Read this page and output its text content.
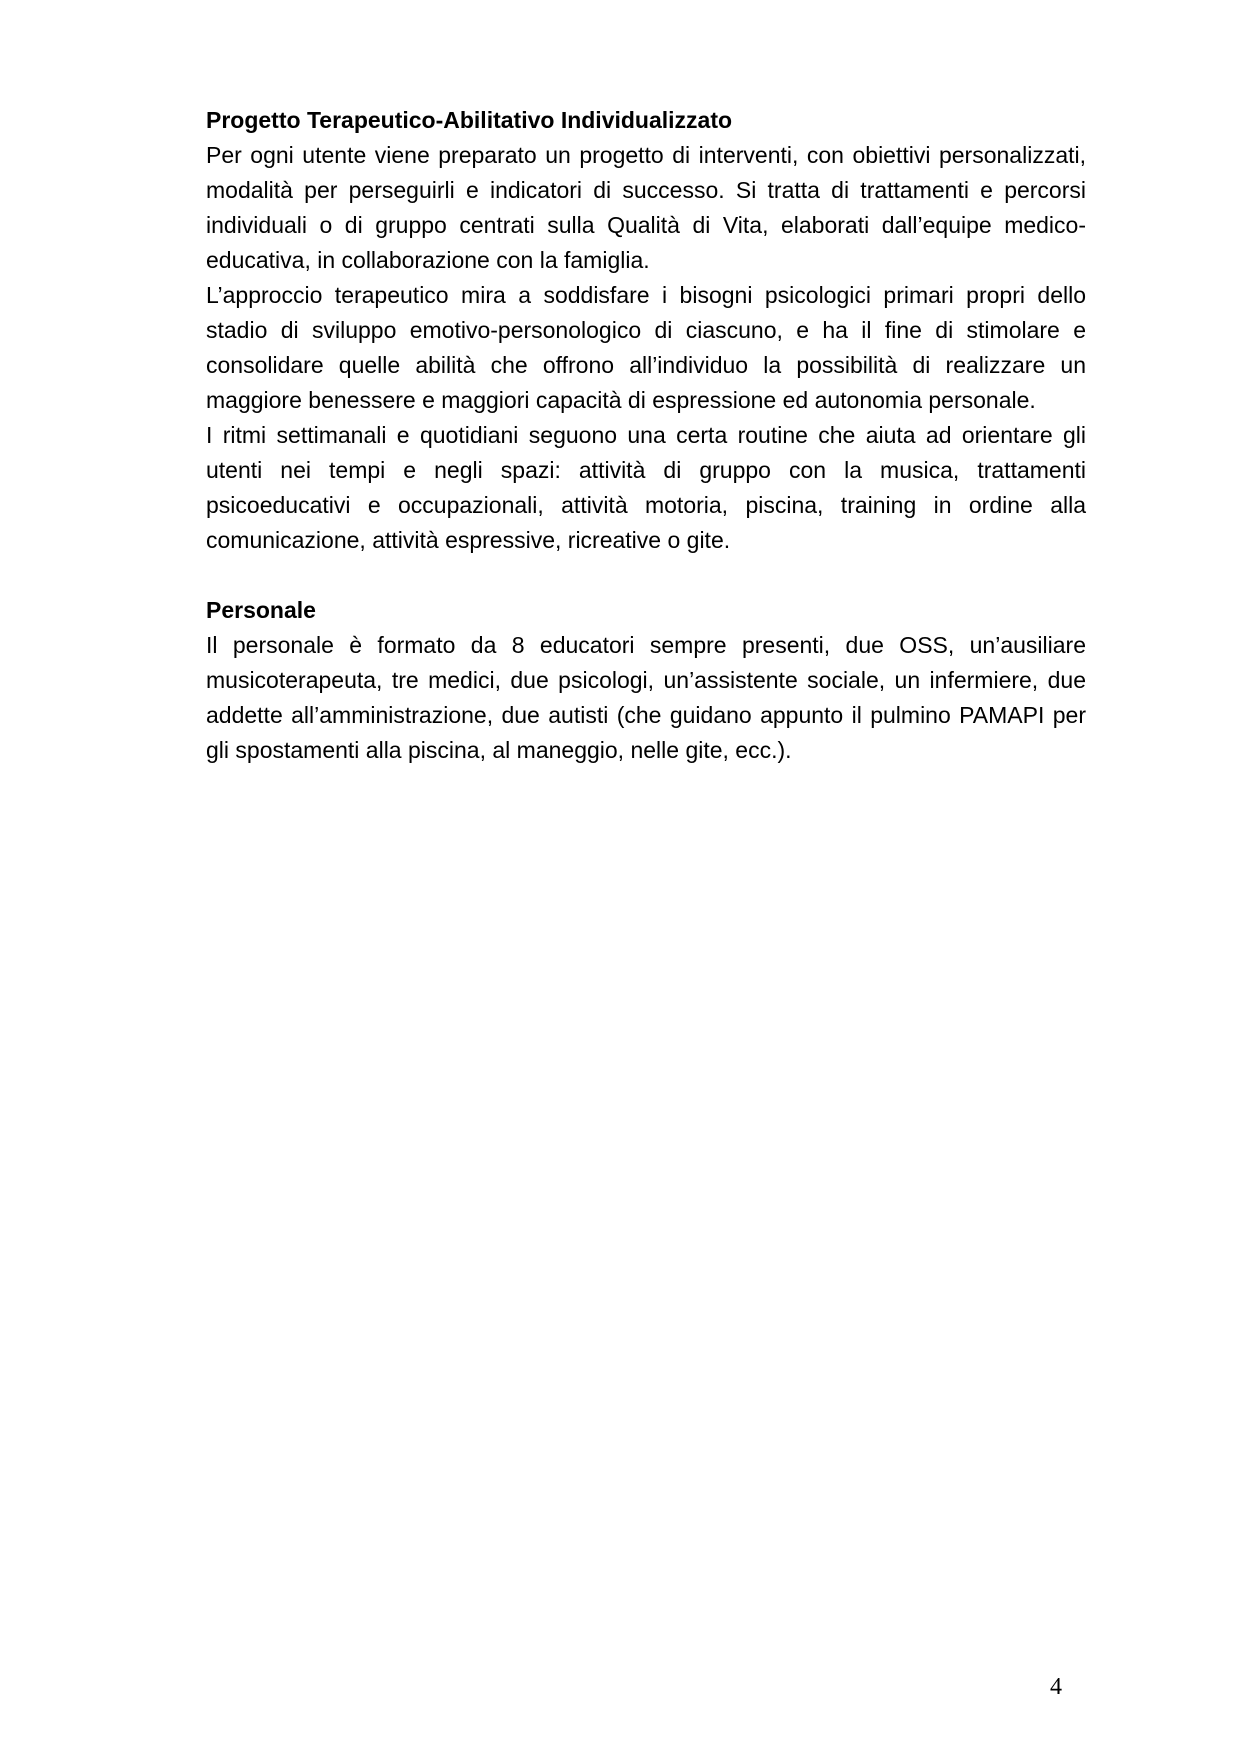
Progetto Terapeutico-Abilitativo Individualizzato

Per ogni utente viene preparato un progetto di interventi, con obiettivi personalizzati, modalità per perseguirli e indicatori di successo. Si tratta di trattamenti e percorsi individuali o di gruppo centrati sulla Qualità di Vita, elaborati dall’equipe medico-educativa, in collaborazione con la famiglia.

L’approccio terapeutico mira a soddisfare i bisogni psicologici primari propri dello stadio di sviluppo emotivo-personologico di ciascuno, e ha il fine di stimolare e consolidare quelle abilità che offrono all’individuo la possibilità di realizzare un maggiore benessere e maggiori capacità di espressione ed autonomia personale.

I ritmi settimanali e quotidiani seguono una certa routine che aiuta ad orientare gli utenti nei tempi e negli spazi: attività di gruppo con la musica, trattamenti psicoeducativi e occupazionali, attività motoria, piscina, training in ordine alla comunicazione, attività espressive, ricreative o gite.

Personale

Il personale è formato da 8 educatori sempre presenti, due OSS, un’ausiliare musicoterapeuta, tre medici, due psicologi, un’assistente sociale, un infermiere, due addette all’amministrazione, due autisti (che guidano appunto il pulmino PAMAPI per gli spostamenti alla piscina, al maneggio, nelle gite, ecc.).

4
